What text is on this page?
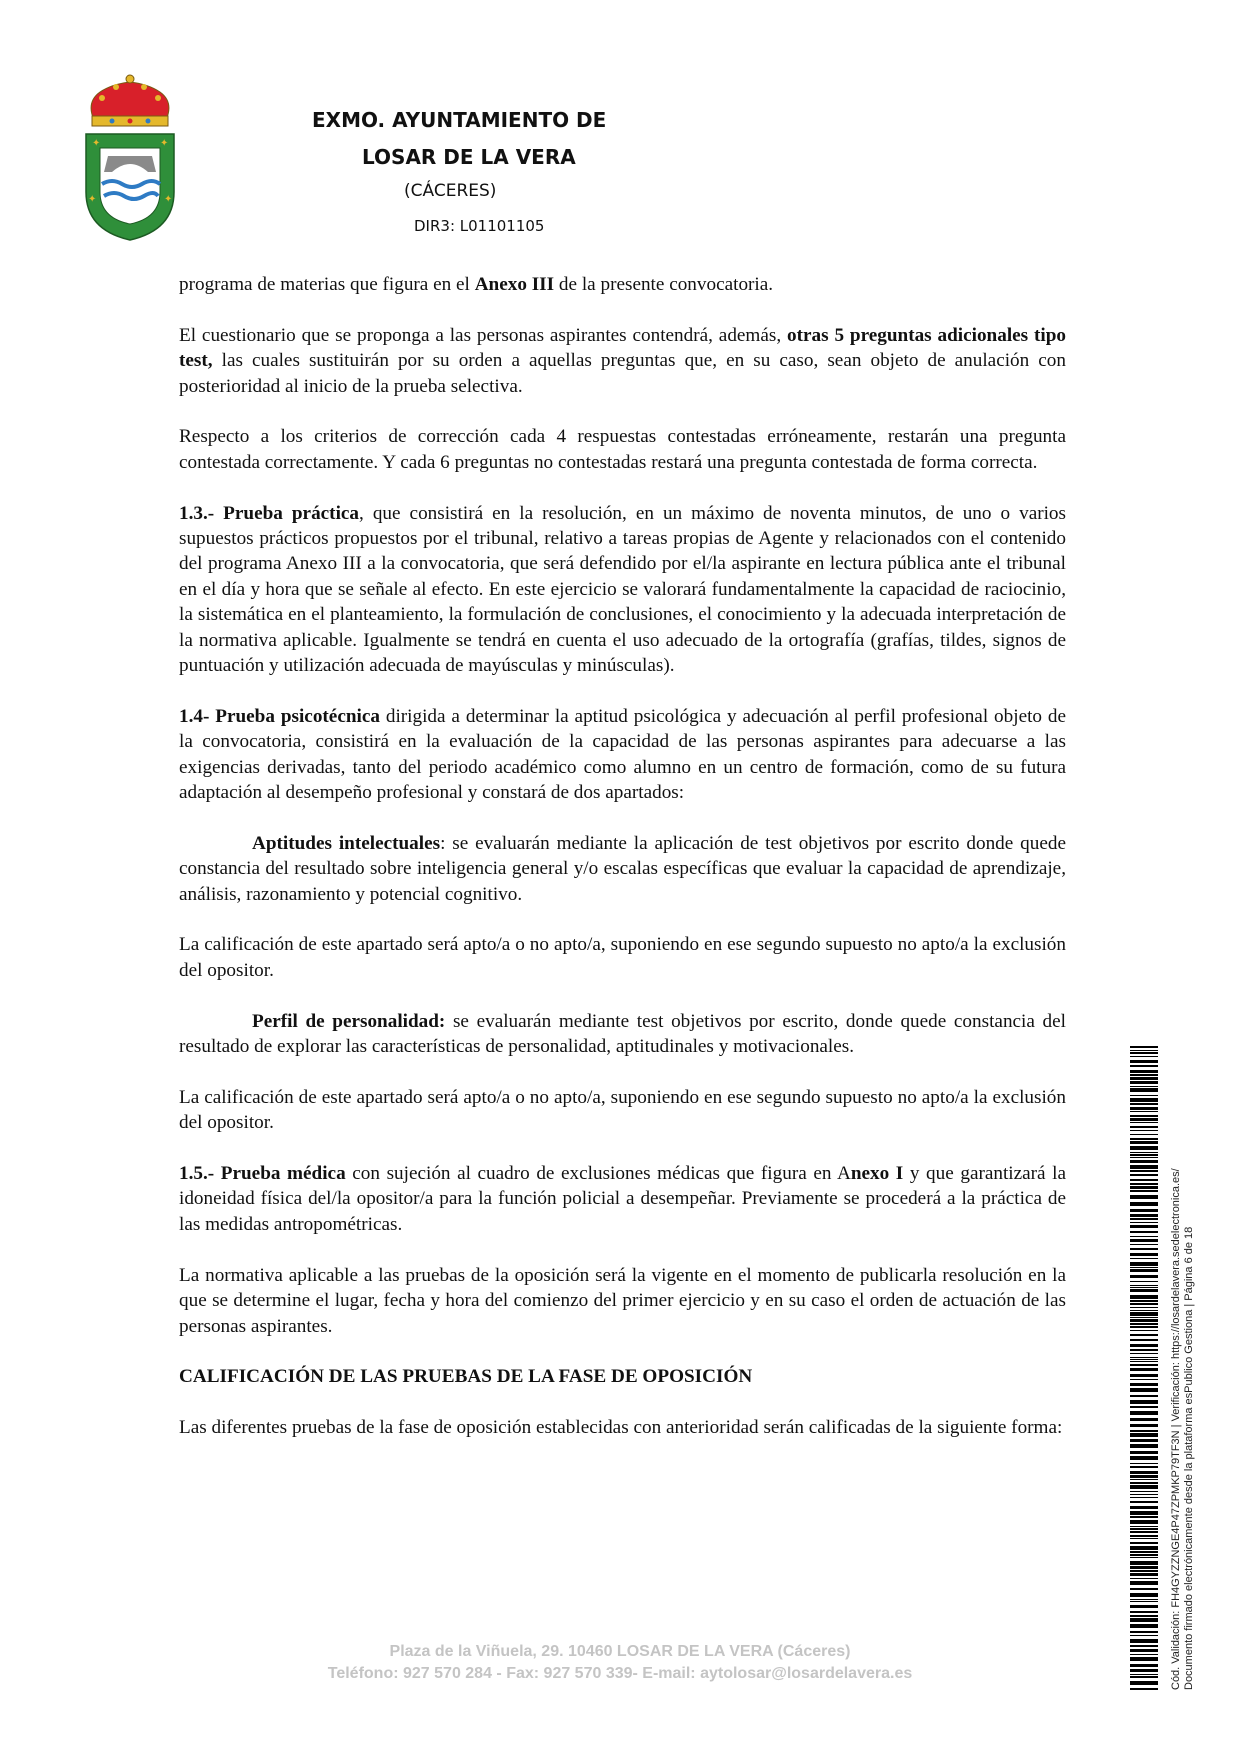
✦	✦
✦	✦
EXMO. AYUNTAMIENTO DE
LOSAR DE LA VERA
(CÁCERES)
DIR3: L01101105

programa de materias que figura en el Anexo III de la presente convocatoria.

El cuestionario que se proponga a las personas aspirantes contendrá, además, otras 5 preguntas adicionales tipo test, las cuales sustituirán por su orden a aquellas preguntas que, en su caso, sean objeto de anulación con posterioridad al inicio de la prueba selectiva.

Respecto a los criterios de corrección cada 4 respuestas contestadas erróneamente, restarán una pregunta contestada correctamente. Y cada 6 preguntas no contestadas restará una pregunta contestada de forma correcta.

1.3.- Prueba práctica, que consistirá en la resolución, en un máximo de noventa minutos, de uno o varios supuestos prácticos propuestos por el tribunal, relativo a tareas propias de Agente y relacionados con el contenido del programa Anexo III a la convocatoria, que será defendido por el/la aspirante en lectura pública ante el tribunal en el día y hora que se señale al efecto. En este ejercicio se valorará fundamentalmente la capacidad de raciocinio, la sistemática en el planteamiento, la formulación de conclusiones, el conocimiento y la adecuada interpretación de la normativa aplicable. Igualmente se tendrá en cuenta el uso adecuado de la ortografía (grafías, tildes, signos de puntuación y utilización adecuada de mayúsculas y minúsculas).

1.4- Prueba psicotécnica dirigida a determinar la aptitud psicológica y adecuación al perfil profesional objeto de la convocatoria, consistirá en la evaluación de la capacidad de las personas aspirantes para adecuarse a las exigencias derivadas, tanto del periodo académico como alumno en un centro de formación, como de su futura adaptación al desempeño profesional y constará de dos apartados:

Aptitudes intelectuales: se evaluarán mediante la aplicación de test objetivos por escrito donde quede constancia del resultado sobre inteligencia general y/o escalas específicas que evaluar la capacidad de aprendizaje, análisis, razonamiento y potencial cognitivo.

La calificación de este apartado será apto/a o no apto/a, suponiendo en ese segundo supuesto no apto/a la exclusión del opositor.

Perfil de personalidad: se evaluarán mediante test objetivos por escrito, donde quede constancia del resultado de explorar las características de personalidad, aptitudinales y motivacionales.

La calificación de este apartado será apto/a o no apto/a, suponiendo en ese segundo supuesto no apto/a la exclusión del opositor.

1.5.- Prueba médica con sujeción al cuadro de exclusiones médicas que figura en Anexo I y que garantizará la idoneidad física del/la opositor/a para la función policial a desempeñar. Previamente se procederá a la práctica de las medidas antropométricas.

La normativa aplicable a las pruebas de la oposición será la vigente en el momento de publicarla resolución en la que se determine el lugar, fecha y hora del comienzo del primer ejercicio y en su caso el orden de actuación de las personas aspirantes.

CALIFICACIÓN DE LAS PRUEBAS DE LA FASE DE OPOSICIÓN

Las diferentes pruebas de la fase de oposición establecidas con anterioridad serán calificadas de la siguiente forma:

Plaza de la Viñuela, 29. 10460 LOSAR DE LA VERA (Cáceres)
Teléfono: 927 570 284 - Fax: 927 570 339- E-mail: aytolosar@losardelavera.es	Cód. Validación: FH4GYZZNGE4P47ZPMKP79TF3N | Verificación: https://losardelavera.sedelectronica.es/ Documento firmado electrónicamente desde la plataforma esPublico Gestiona | Página 6 de 18
